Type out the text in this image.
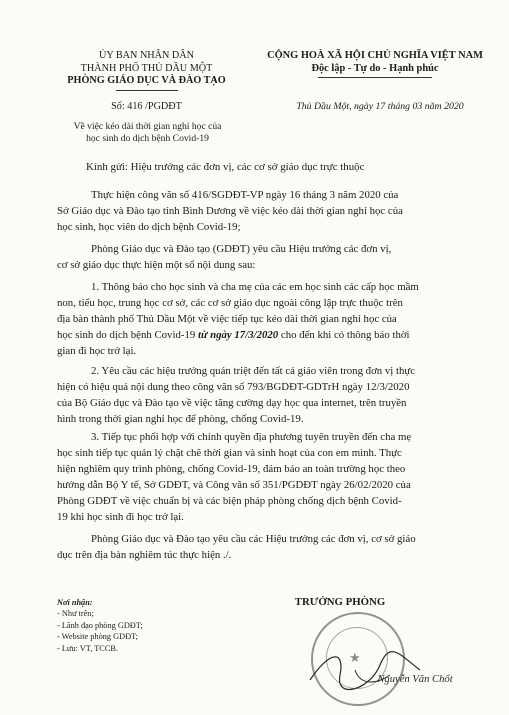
ỦY BAN NHÂN DÂN
THÀNH PHỐ THỦ DẦU MỘT
PHÒNG GIÁO DỤC VÀ ĐÀO TẠO
Số: 416 /PGDĐT
Về việc kéo dài thời gian nghỉ học của
học sinh do dịch bệnh Covid-19
CỘNG HOÀ XÃ HỘI CHỦ NGHĨA VIỆT NAM
Độc lập - Tự do - Hạnh phúc
Thủ Dầu Một, ngày 17 tháng 03 năm 2020
Kính gửi: Hiệu trưởng các đơn vị, các cơ sở giáo dục trực thuộc
Thực hiện công văn số 416/SGDĐT-VP ngày 16 tháng 3 năm 2020 của
Sở Giáo dục và Đào tạo tỉnh Bình Dương về việc kéo dài thời gian nghỉ học của
học sinh, học viên do dịch bệnh Covid-19;
Phòng Giáo dục và Đào tạo (GDĐT) yêu cầu Hiệu trưởng các đơn vị,
cơ sở giáo dục thực hiện một số nội dung sau:
1. Thông báo cho học sinh và cha mẹ của các em học sinh các cấp học mầm
non, tiểu học, trung học cơ sở, các cơ sở giáo dục ngoài công lập trực thuộc trên
địa bàn thành phố Thủ Dầu Một về việc tiếp tục kéo dài thời gian nghỉ học của
học sinh do dịch bệnh Covid-19 từ ngày 17/3/2020 cho đến khi có thông báo thời
gian đi học trở lại.
2. Yêu cầu các hiệu trưởng quán triệt đến tất cả giáo viên trong đơn vị thực
hiện có hiệu quả nội dung theo công văn số 793/BGDĐT-GDTrH ngày 12/3/2020
của Bộ Giáo dục và Đào tạo về việc tăng cường dạy học qua internet, trên truyền
hình trong thời gian nghỉ học để phòng, chống Covid-19.
3. Tiếp tục phối hợp với chính quyền địa phương tuyên truyền đến cha mẹ
học sinh tiếp tục quản lý chặt chẽ thời gian và sinh hoạt của con em mình. Thực
hiện nghiêm quy trình phòng, chống Covid-19, đảm bảo an toàn trường học theo
hướng dẫn Bộ Y tế, Sở GDĐT, và Công văn số 351/PGDĐT ngày 26/02/2020 của
Phòng GDĐT về việc chuẩn bị và các biện pháp phòng chống dịch bệnh Covid-
19 khi học sinh đi học trở lại.
Phòng Giáo dục và Đào tạo yêu cầu các Hiệu trưởng các đơn vị, cơ sở giáo
dục trên địa bàn nghiêm túc thực hiện ./.
Nơi nhận:
- Như trên;
- Lãnh đạo phòng GDĐT;
- Website phòng GDĐT;
- Lưu: VT, TCCB.
TRƯỞNG PHÒNG
★
Nguyễn Văn Chốt
